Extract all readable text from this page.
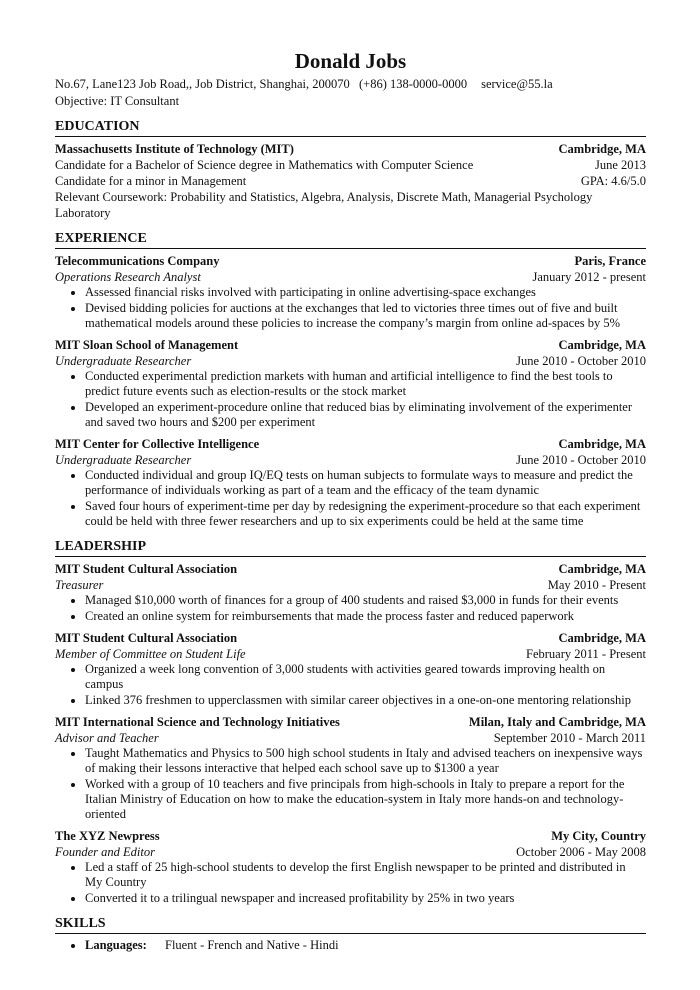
Donald Jobs
No.67, Lane123 Job Road,, Job District, Shanghai, 200070 (+86) 138-0000-0000 service@55.la
Objective: IT Consultant
EDUCATION
Massachusetts Institute of Technology (MIT)	Cambridge, MA
Candidate for a Bachelor of Science degree in Mathematics with Computer Science	June 2013
Candidate for a minor in Management	GPA: 4.6/5.0
Relevant Coursework: Probability and Statistics, Algebra, Analysis, Discrete Math, Managerial Psychology Laboratory
EXPERIENCE
Telecommunications Company	Paris, France
Operations Research Analyst	January 2012 - present
• Assessed financial risks involved with participating in online advertising-space exchanges
• Devised bidding policies for auctions at the exchanges that led to victories three times out of five and built mathematical models around these policies to increase the company’s margin from online ad-spaces by 5%
MIT Sloan School of Management	Cambridge, MA
Undergraduate Researcher	June 2010 - October 2010
• Conducted experimental prediction markets with human and artificial intelligence to find the best tools to predict future events such as election-results or the stock market
• Developed an experiment-procedure online that reduced bias by eliminating involvement of the experimenter and saved two hours and $200 per experiment
MIT Center for Collective Intelligence	Cambridge, MA
Undergraduate Researcher	June 2010 - October 2010
• Conducted individual and group IQ/EQ tests on human subjects to formulate ways to measure and predict the performance of individuals working as part of a team and the efficacy of the team dynamic
• Saved four hours of experiment-time per day by redesigning the experiment-procedure so that each experiment could be held with three fewer researchers and up to six experiments could be held at the same time
LEADERSHIP
MIT Student Cultural Association	Cambridge, MA
Treasurer	May 2010 - Present
• Managed $10,000 worth of finances for a group of 400 students and raised $3,000 in funds for their events
• Created an online system for reimbursements that made the process faster and reduced paperwork
MIT Student Cultural Association	Cambridge, MA
Member of Committee on Student Life	February 2011 - Present
• Organized a week long convention of 3,000 students with activities geared towards improving health on campus
• Linked 376 freshmen to upperclassmen with similar career objectives in a one-on-one mentoring relationship
MIT International Science and Technology Initiatives	Milan, Italy and Cambridge, MA
Advisor and Teacher	September 2010 - March 2011
• Taught Mathematics and Physics to 500 high school students in Italy and advised teachers on inexpensive ways of making their lessons interactive that helped each school save up to $1300 a year
• Worked with a group of 10 teachers and five principals from high-schools in Italy to prepare a report for the Italian Ministry of Education on how to make the education-system in Italy more hands-on and technology-oriented
The XYZ Newpress	My City, Country
Founder and Editor	October 2006 - May 2008
• Led a staff of 25 high-school students to develop the first English newspaper to be printed and distributed in My Country
• Converted it to a trilingual newspaper and increased profitability by 25% in two years
SKILLS
• Languages: Fluent - French and Native - Hindi
